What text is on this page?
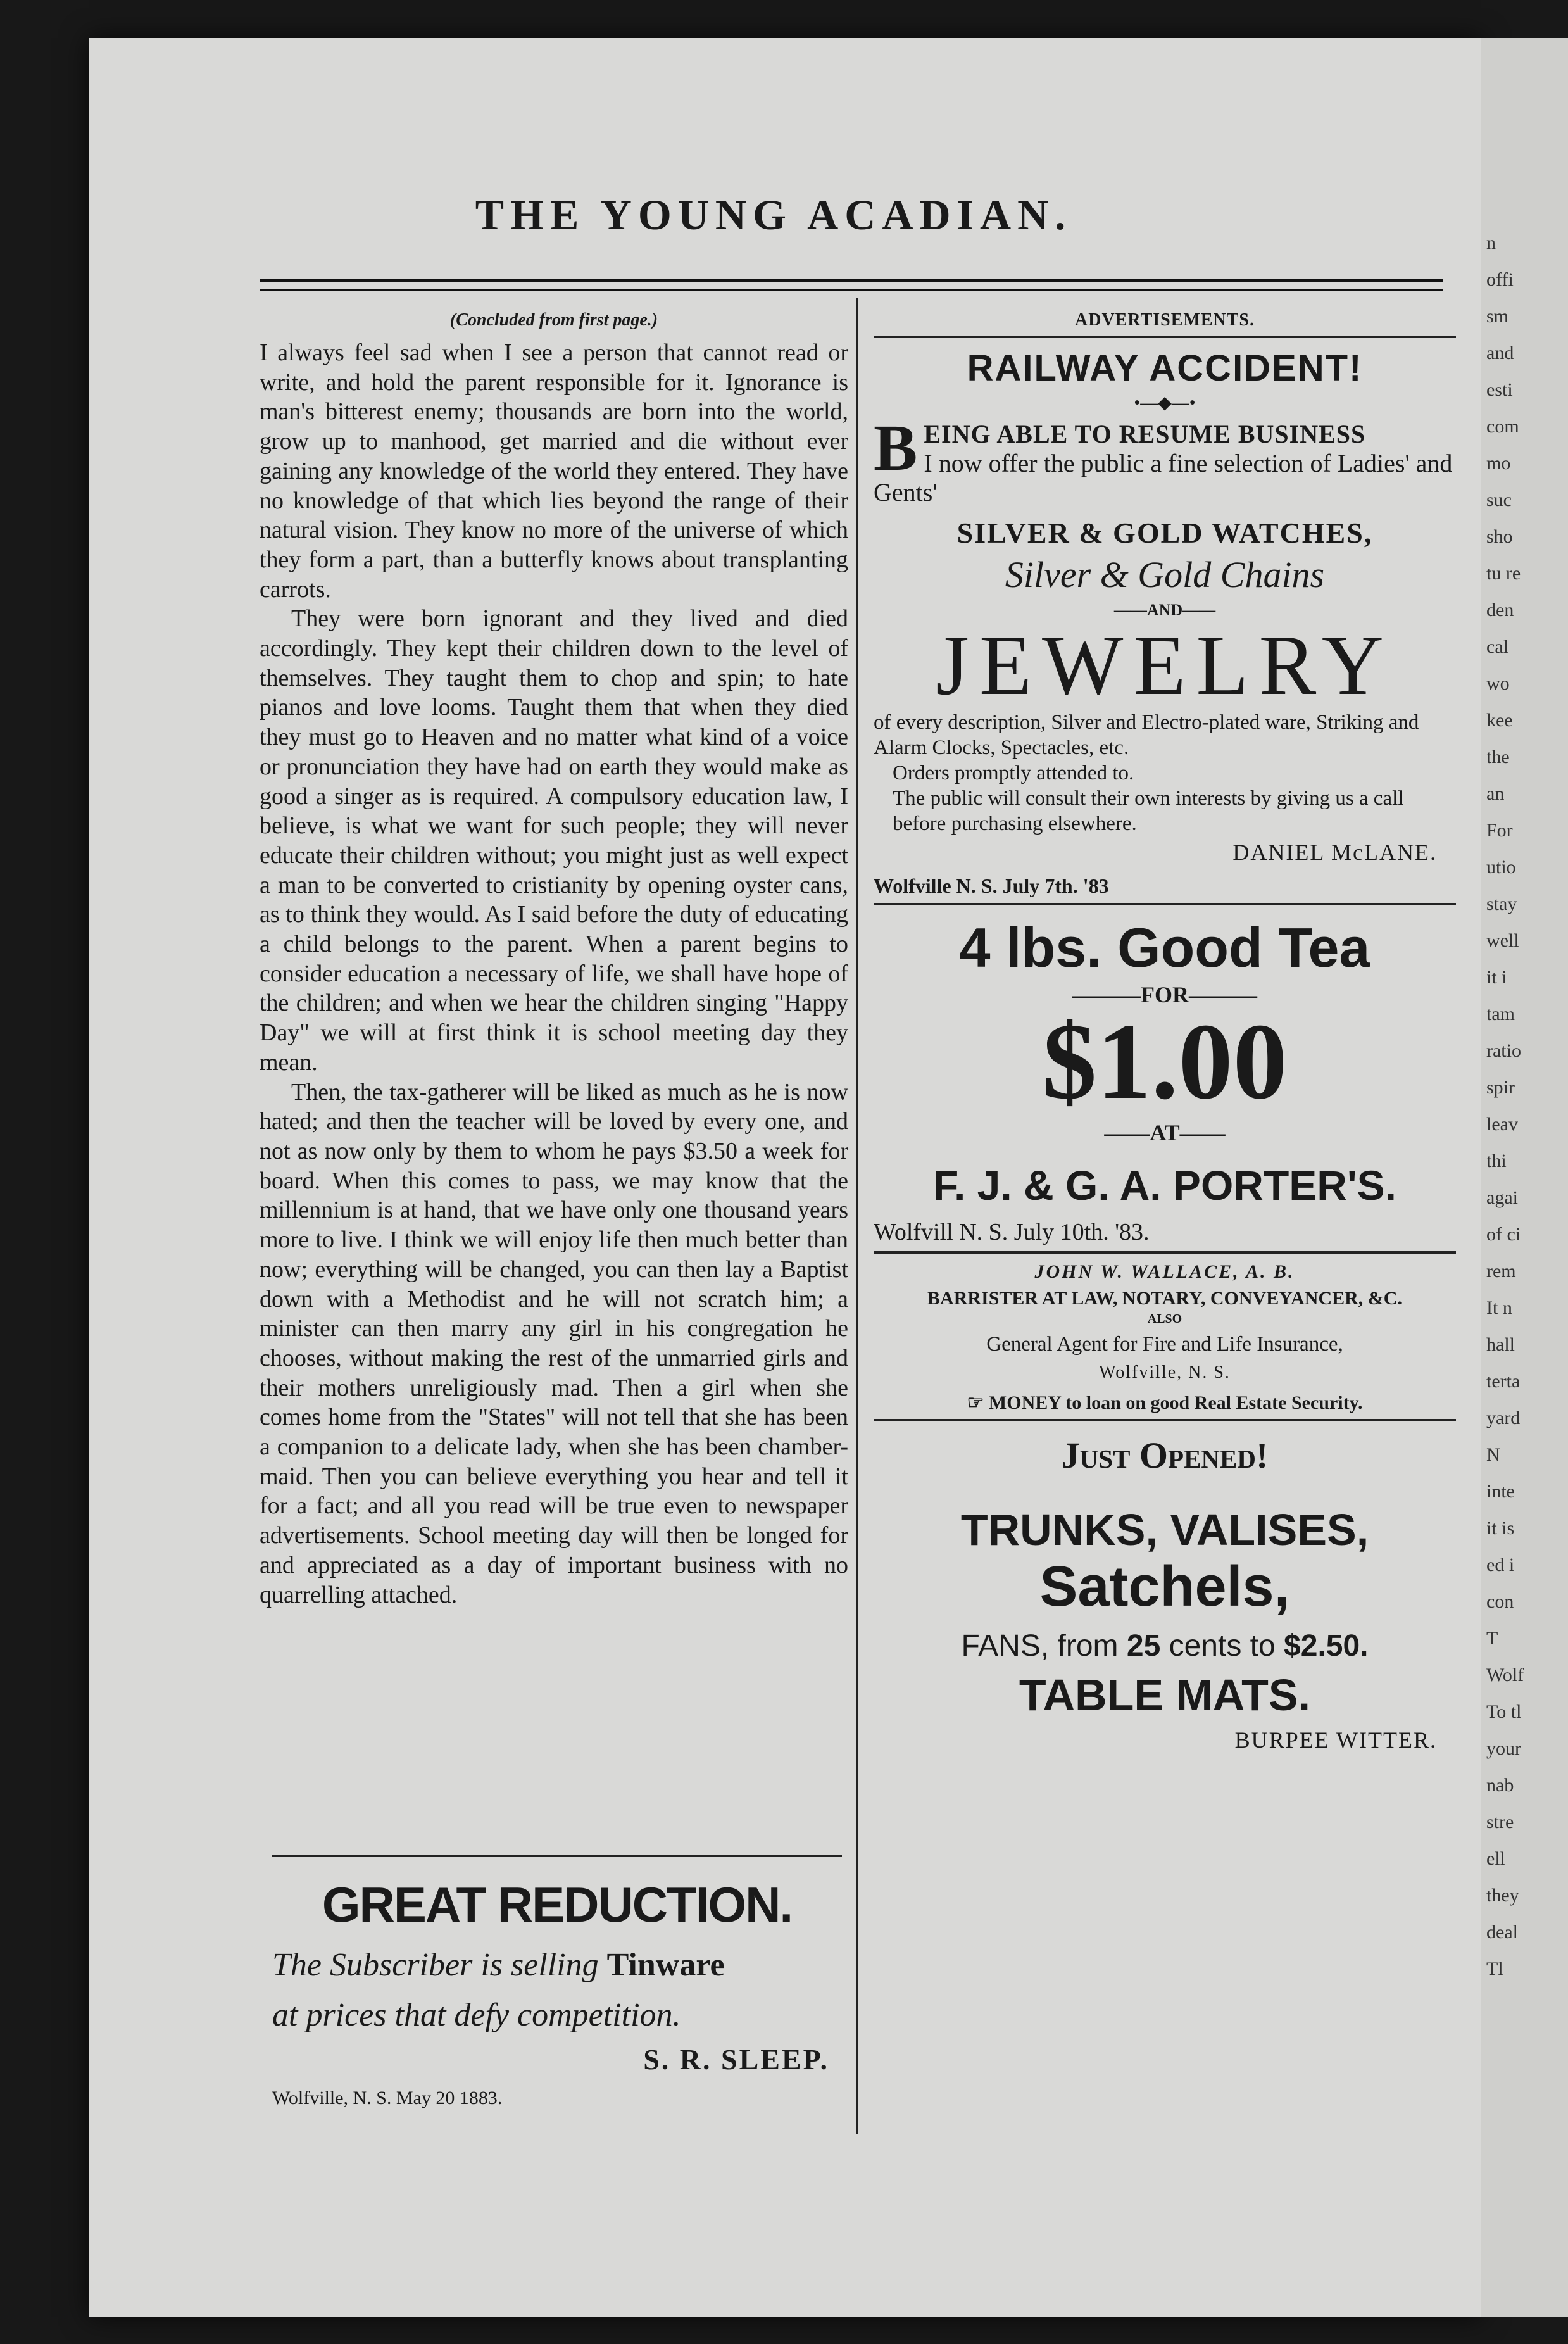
THE YOUNG ACADIAN.
(Concluded from first page.)

I always feel sad when I see a person that cannot read or write, and hold the parent responsible for it. Ignorance is man's bitterest enemy; thousands are born into the world, grow up to manhood, get married and die without ever gaining any knowledge of the world they entered. They have no knowledge of that which lies beyond the range of their natural vision. They know no more of the universe of which they form a part, than a butterfly knows about transplanting carrots.

They were born ignorant and they lived and died accordingly. They kept their children down to the level of themselves. They taught them to chop and spin; to hate pianos and love looms. Taught them that when they died they must go to Heaven and no matter what kind of a voice or pronunciation they have had on earth they would make as good a singer as is required. A compulsory education law, I believe, is what we want for such people; they will never educate their children without; you might just as well expect a man to be converted to cristianity by opening oyster cans, as to think they would. As I said before the duty of educating a child belongs to the parent. When a parent begins to consider education a necessary of life, we shall have hope of the children; and when we hear the children singing "Happy Day" we will at first think it is school meeting day they mean.

Then, the tax-gatherer will be liked as much as he is now hated; and then the teacher will be loved by every one, and not as now only by them to whom he pays $3.50 a week for board. When this comes to pass, we may know that the millennium is at hand, that we have only one thousand years more to live. I think we will enjoy life then much better than now; everything will be changed, you can then lay a Baptist down with a Methodist and he will not scratch him; a minister can then marry any girl in his congregation he chooses, without making the rest of the unmarried girls and their mothers unreligiously mad. Then a girl when she comes home from the "States" will not tell that she has been a companion to a delicate lady, when she has been chamber-maid. Then you can believe everything you hear and tell it for a fact; and all you read will be true even to newspaper advertisements. School meeting day will then be longed for and appreciated as a day of important business with no quarrelling attached.

GREAT REDUCTION.
The Subscriber is selling Tinware
at prices that defy competition.
S. R. SLEEP.
Wolfville, N. S. May 20 1883.
ADVERTISEMENTS.
RAILWAY ACCIDENT!
•—◆—•
BEING ABLE TO RESUME BUSINESS
I now offer the public a fine selection of Ladies' and Gents'
SILVER & GOLD WATCHES,
Silver & Gold Chains
——AND——
JEWELRY
of every description, Silver and Electro-plated ware, Striking and Alarm Clocks, Spectacles, etc.
Orders promptly attended to.
The public will consult their own interests by giving us a call before purchasing elsewhere.
DANIEL McLANE.
Wolfville N. S. July 7th. '83
4 lbs. Good Tea
———FOR———
$1.00
——AT——
F. J. & G. A. PORTER'S.
Wolfvill N. S. July 10th. '83.
JOHN W. WALLACE, A. B.
BARRISTER AT LAW, NOTARY, CONVEYANCER, &C.
ALSO
General Agent for Fire and Life Insurance,
Wolfville, N. S.
☞ MONEY to loan on good Real Estate Security.
Just Opened!
TRUNKS, VALISES,
Satchels,
FANS, from 25 cents to $2.50.
TABLE MATS.
BURPEE WITTER.
n
offi
sm
and
esti
com
mo
suc
sho
tu re
den
cal
wo
kee
the
an
For
utio
stay
well
it i
tam
ratio
spir
leav
thi
agai
of ci
rem
It n
hall
terta
yard
N
inte
it is
ed i
con
T
Wolf
To tl
your
nab
stre
ell
they
deal
Tl
